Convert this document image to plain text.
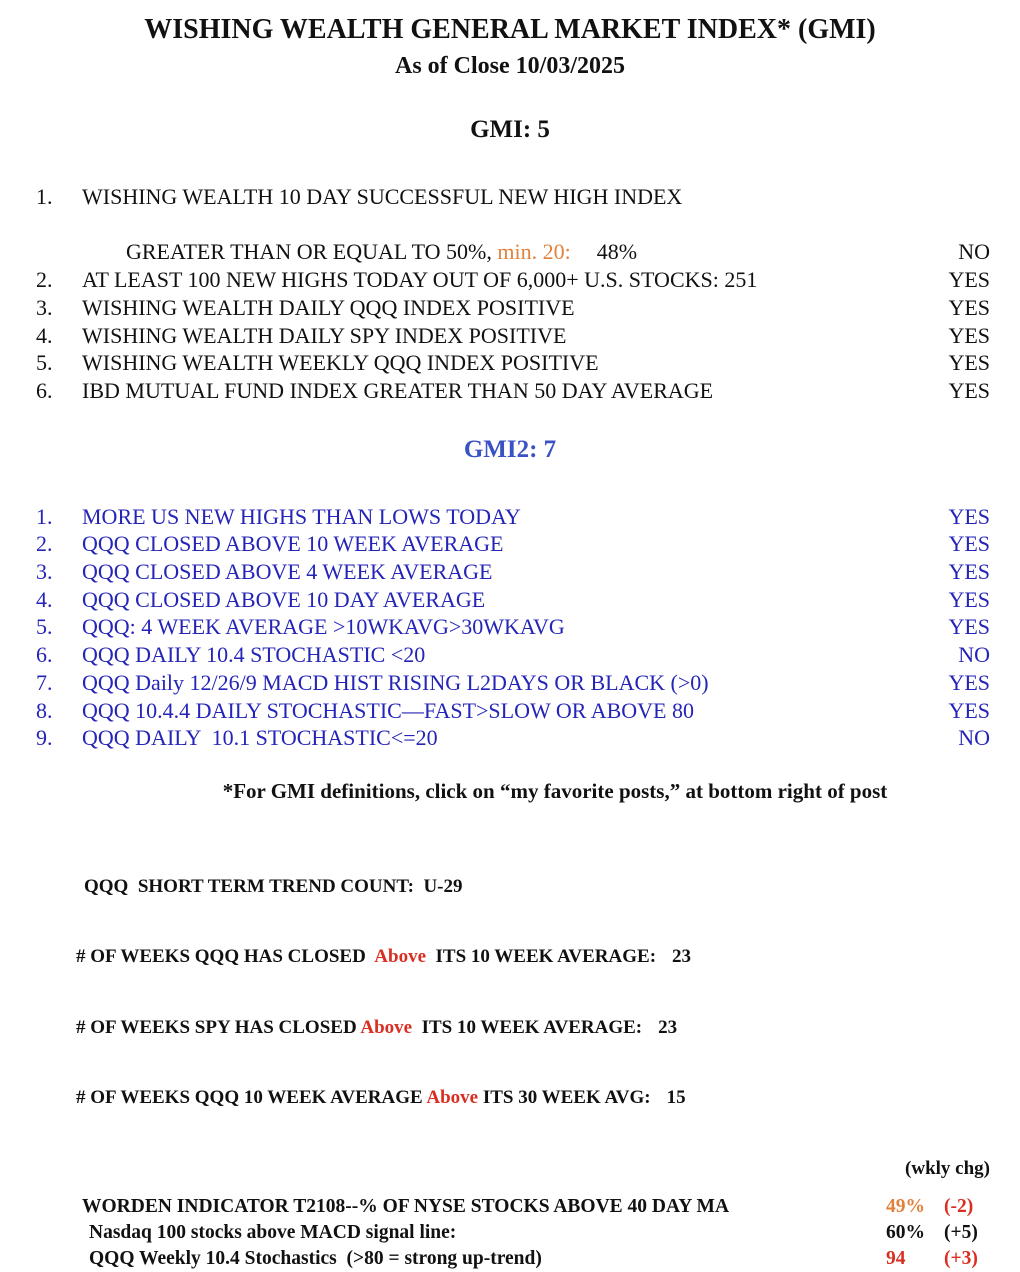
WISHING WEALTH GENERAL MARKET INDEX* (GMI)
As of Close 10/03/2025
GMI: 5
1.	WISHING WEALTH 10 DAY SUCCESSFUL NEW HIGH INDEX

GREATER THAN OR EQUAL TO 50%, min. 20: 48%	NO
2.	AT LEAST 100 NEW HIGHS TODAY OUT OF 6,000+ U.S. STOCKS: 251	YES
3.	WISHING WEALTH DAILY QQQ INDEX POSITIVE	YES
4.	WISHING WEALTH DAILY SPY INDEX POSITIVE	YES
5.	WISHING WEALTH WEEKLY QQQ INDEX POSITIVE	YES
6.	IBD MUTUAL FUND INDEX GREATER THAN 50 DAY AVERAGE	YES
GMI2: 7
1.	MORE US NEW HIGHS THAN LOWS TODAY	YES
2.	QQQ CLOSED ABOVE 10 WEEK AVERAGE	YES
3.	QQQ CLOSED ABOVE 4 WEEK AVERAGE	YES
4.	QQQ CLOSED ABOVE 10 DAY AVERAGE	YES
5.	QQQ: 4 WEEK AVERAGE >10WKAVG>30WKAVG	YES
6.	QQQ DAILY 10.4 STOCHASTIC <20	NO
7.	QQQ Daily 12/26/9 MACD HIST RISING L2DAYS OR BLACK (>0)	YES
8.	QQQ 10.4.4 DAILY STOCHASTIC—FAST>SLOW OR ABOVE 80	YES
9.	QQQ DAILY  10.1 STOCHASTIC<=20	NO
*For GMI definitions, click on “my favorite posts,” at bottom right of post

QQQ  SHORT TERM TREND COUNT:  U-29

# OF WEEKS QQQ HAS CLOSED  Above  ITS 10 WEEK AVERAGE: 23

# OF WEEKS SPY HAS CLOSED Above  ITS 10 WEEK AVERAGE: 23

# OF WEEKS QQQ 10 WEEK AVERAGE Above ITS 30 WEEK AVG: 15

(wkly chg)
WORDEN INDICATOR T2108--% OF NYSE STOCKS ABOVE 40 DAY MA	49% (-2)
Nasdaq 100 stocks above MACD signal line:	60% (+5)
QQQ Weekly 10.4 Stochastics  (>80 = strong up-trend)	94	(+3)
